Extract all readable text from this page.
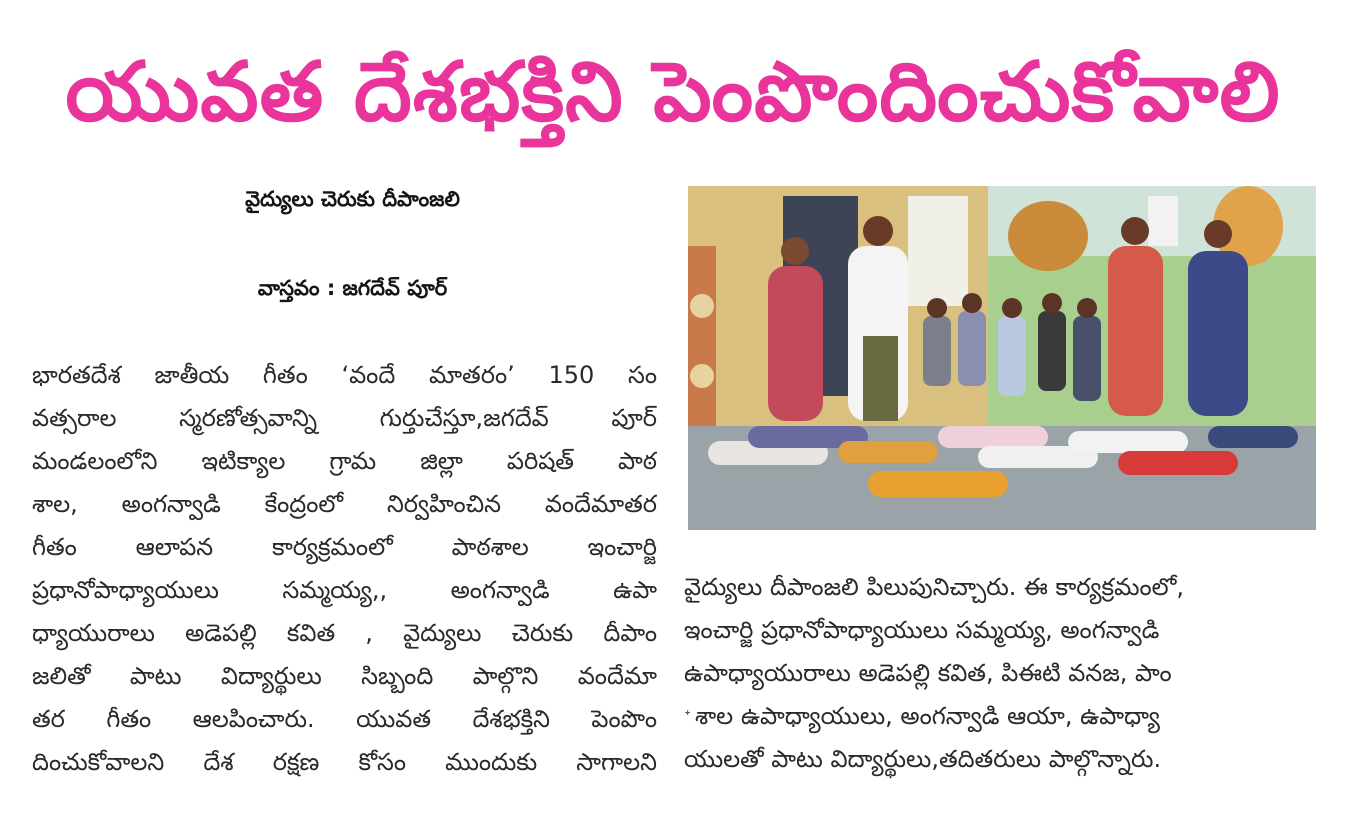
యువత దేశభక్తిని పెంపొందించుకోవాలి
వైద్యులు చెరుకు దీపాంజలి
వాస్తవం : జగదేవ్ పూర్
భారతదేశ జాతీయ గీతం ‘వందే మాతరం’ 150 సం
వత్సరాల స్మరణోత్సవాన్ని గుర్తుచేస్తూ,జగదేవ్ పూర్
మండలంలోని ఇటిక్యాల గ్రామ జిల్లా పరిషత్ పాఠ
శాల, అంగన్వాడి కేంద్రంలో నిర్వహించిన వందేమాతర
గీతం ఆలాపన కార్యక్రమంలో పాఠశాల ఇంచార్జి
ప్రధానోపాధ్యాయులు సమ్మయ్య,, అంగన్వాడి ఉపా
ధ్యాయురాలు అడెపల్లి కవిత , వైద్యులు చెరుకు దీపాం
జలితో పాటు విద్యార్థులు సిబ్బంది పాల్గొని వందేమా
తర గీతం ఆలపించారు. యువత దేశభక్తిని పెంపొం
దించుకోవాలని దేశ రక్షణ కోసం ముందుకు సాగాలని
వైద్యులు దీపాంజలి పిలుపునిచ్చారు. ఈ కార్యక్రమంలో,
ఇంచార్జి ప్రధానోపాధ్యాయులు సమ్మయ్య, అంగన్వాడి
ఉపాధ్యాయురాలు అడెపల్లి కవిత, పిఈటి వనజ, పాం
ᐩ శాల ఉపాధ్యాయులు, అంగన్వాడి ఆయా, ఉపాధ్యా
యులతో పాటు విద్యార్థులు,తదితరులు పాల్గొన్నారు.
